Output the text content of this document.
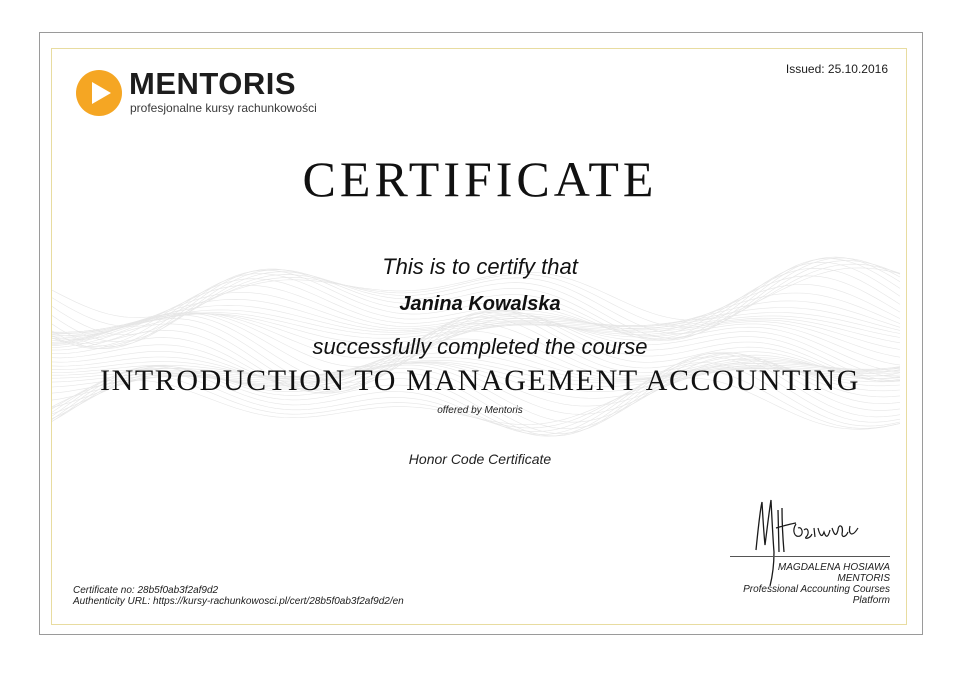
MENTORIS
profesjonalne kursy rachunkowości
Issued: 25.10.2016
CERTIFICATE
This is to certify that
Janina Kowalska
successfully completed the course
INTRODUCTION TO MANAGEMENT ACCOUNTING
offered by Mentoris
Honor Code Certificate
MAGDALENA HOSIAWA
MENTORIS
Professional Accounting Courses
Platform
Certificate no: 28b5f0ab3f2af9d2
Authenticity URL: https://kursy-rachunkowosci.pl/cert/28b5f0ab3f2af9d2/en
